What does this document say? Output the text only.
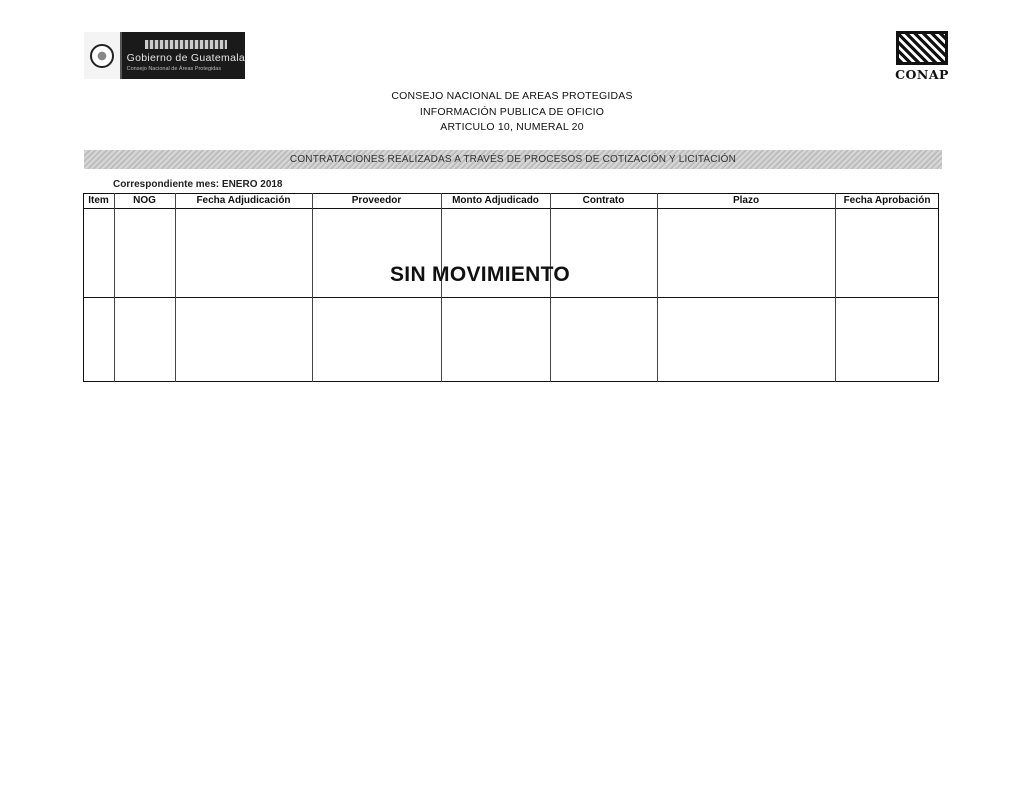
Gobierno de Guatemala
Consejo Nacional de Áreas Protegidas	CONAP
CONSEJO NACIONAL DE AREAS PROTEGIDAS
INFORMACIÓN PUBLICA DE OFICIO
ARTICULO 10, NUMERAL 20
CONTRATACIONES REALIZADAS A TRAVÉS DE PROCESOS DE COTIZACIÓN Y LICITACIÓN
Correspondiente mes: ENERO 2018
Item	NOG	Fecha Adjudicación	Proveedor	Monto Adjudicado	Contrato	Plazo	Fecha Aprobación
SIN MOVIMIENTO
